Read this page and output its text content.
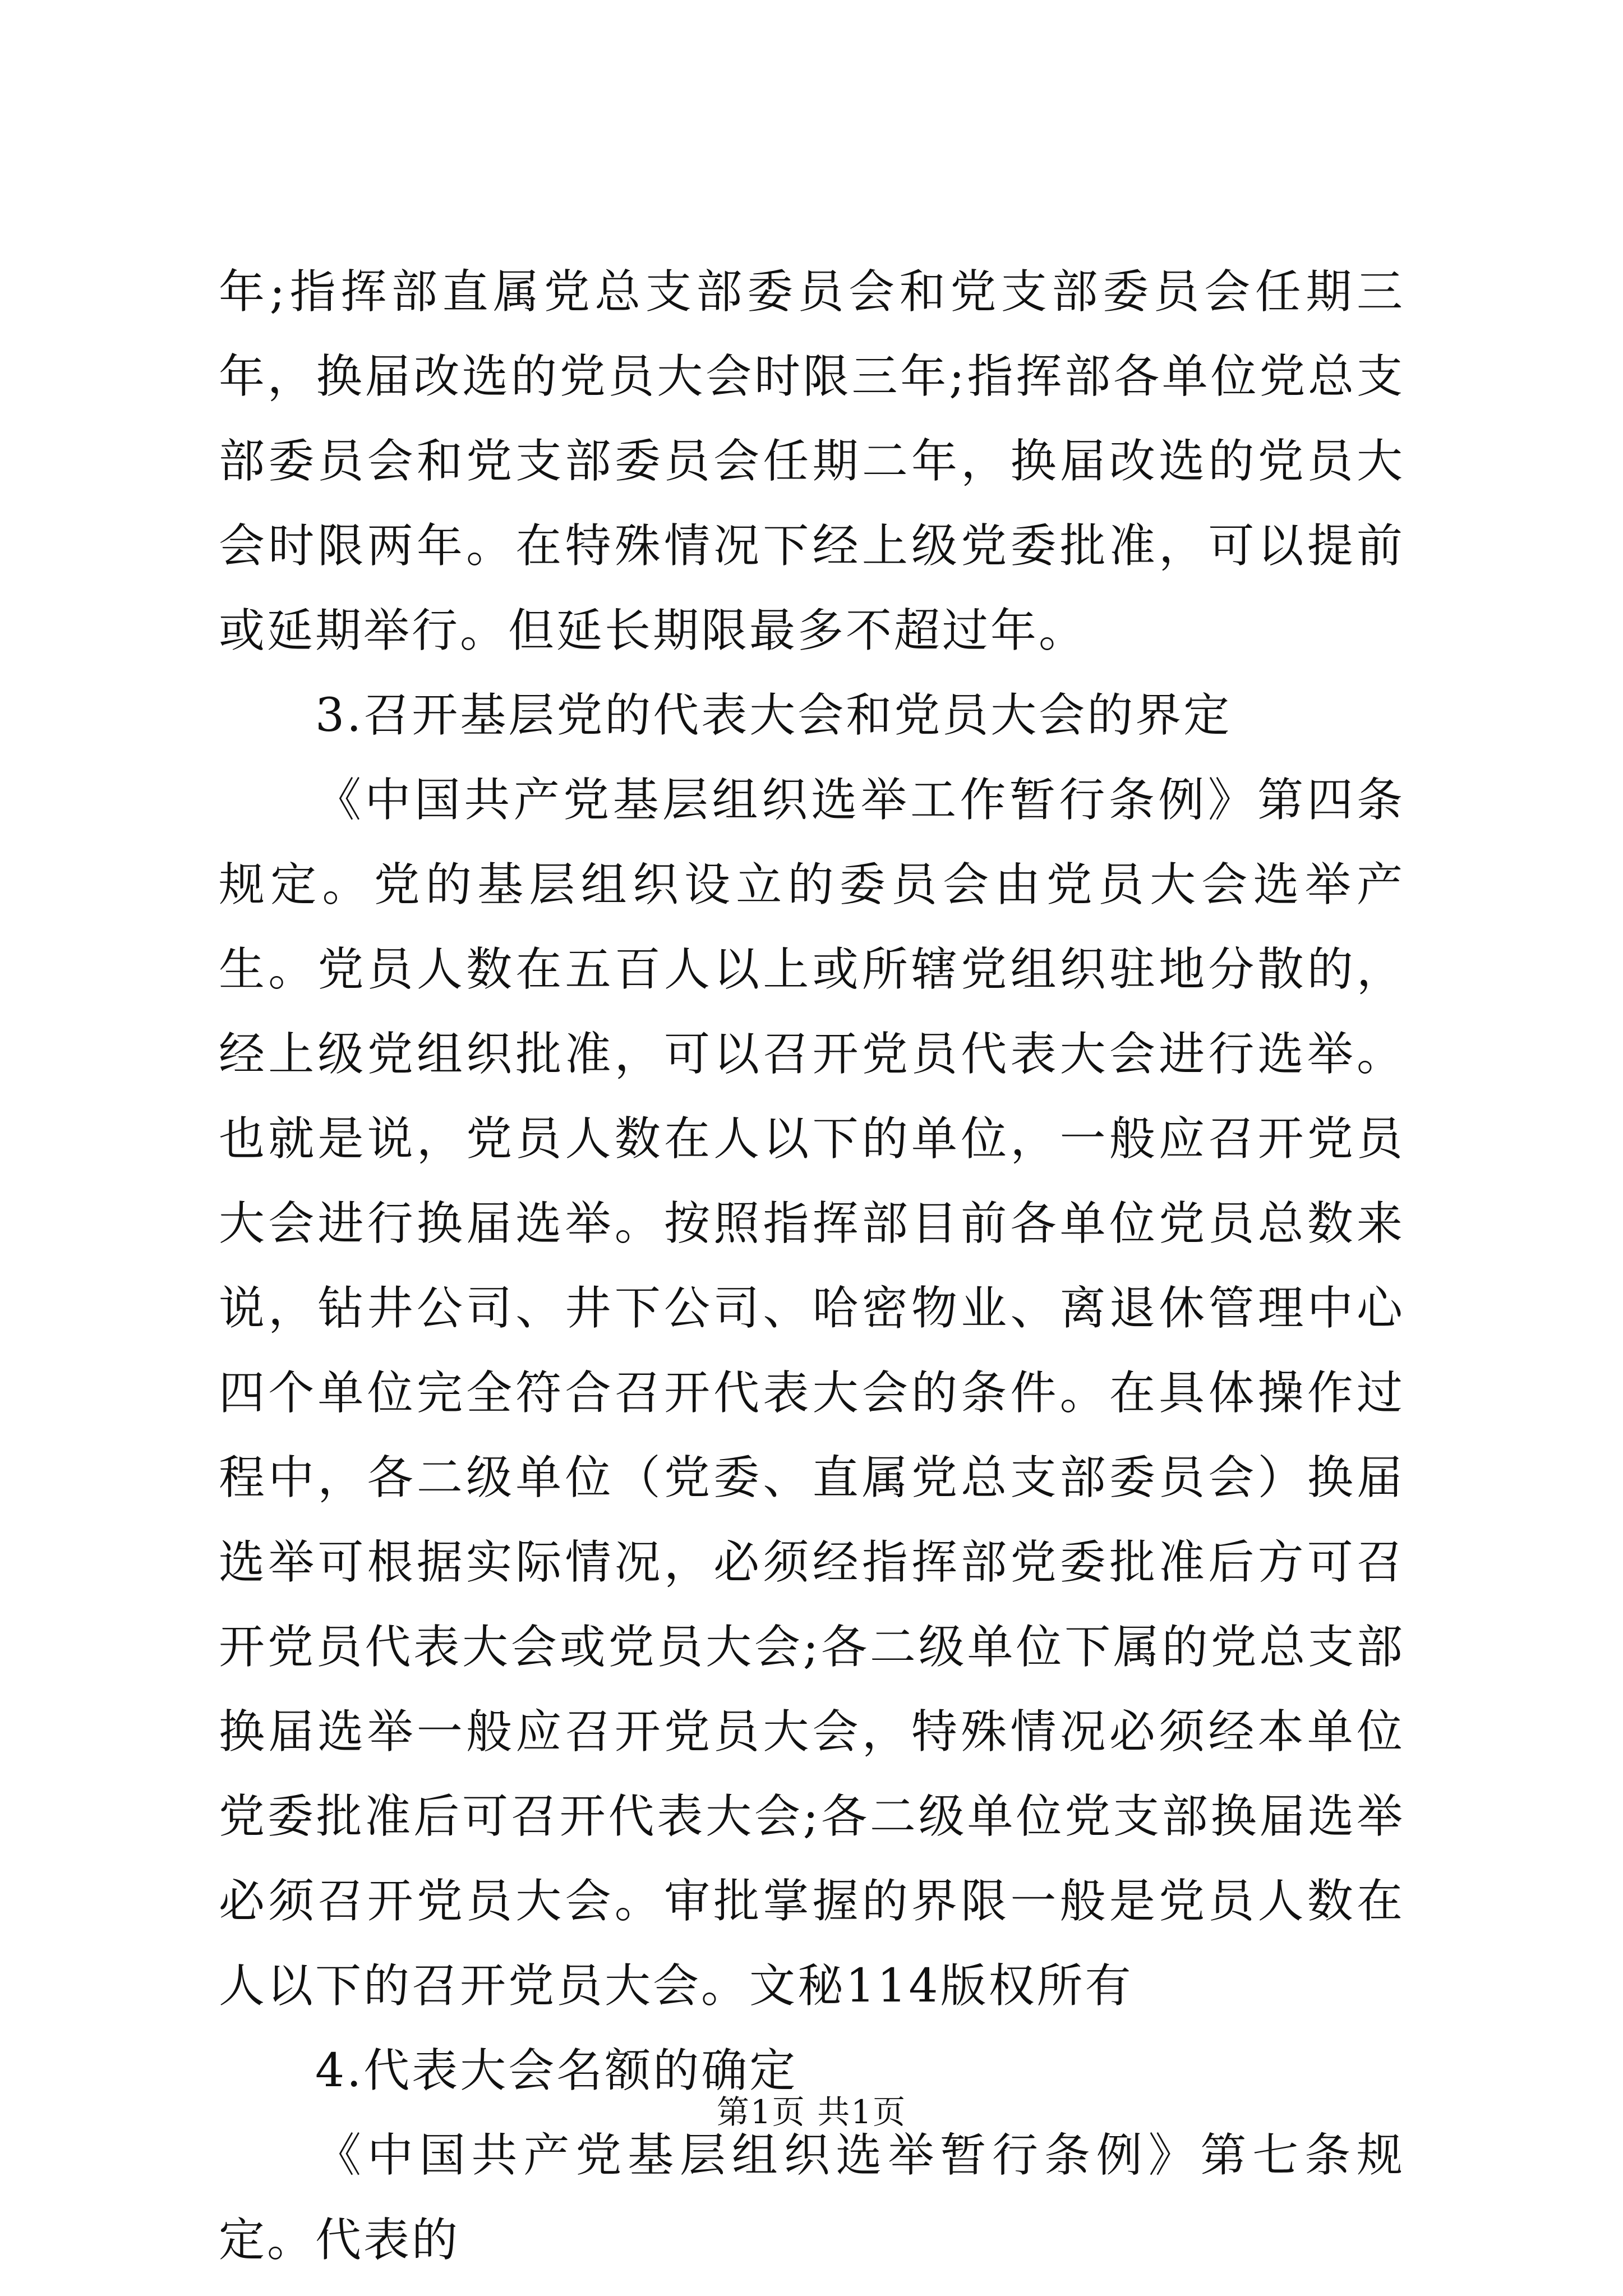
年;指挥部直属党总支部委员会和党支部委员会任期三年，换届改选的党员大会时限三年;指挥部各单位党总支部委员会和党支部委员会任期二年，换届改选的党员大会时限两年。在特殊情况下经上级党委批准，可以提前或延期举行。但延长期限最多不超过年。

3.召开基层党的代表大会和党员大会的界定

《中国共产党基层组织选举工作暂行条例》第四条规定。党的基层组织设立的委员会由党员大会选举产生。党员人数在五百人以上或所辖党组织驻地分散的，经上级党组织批准，可以召开党员代表大会进行选举。也就是说，党员人数在人以下的单位，一般应召开党员大会进行换届选举。按照指挥部目前各单位党员总数来说，钻井公司、井下公司、哈密物业、离退休管理中心四个单位完全符合召开代表大会的条件。在具体操作过程中，各二级单位（党委、直属党总支部委员会）换届选举可根据实际情况，必须经指挥部党委批准后方可召开党员代表大会或党员大会;各二级单位下属的党总支部换届选举一般应召开党员大会，特殊情况必须经本单位党委批准后可召开代表大会;各二级单位党支部换届选举必须召开党员大会。审批掌握的界限一般是党员人数在人以下的召开党员大会。文秘114版权所有

4.代表大会名额的确定

《中国共产党基层组织选举暂行条例》第七条规定。代表的

第1页 共1页
